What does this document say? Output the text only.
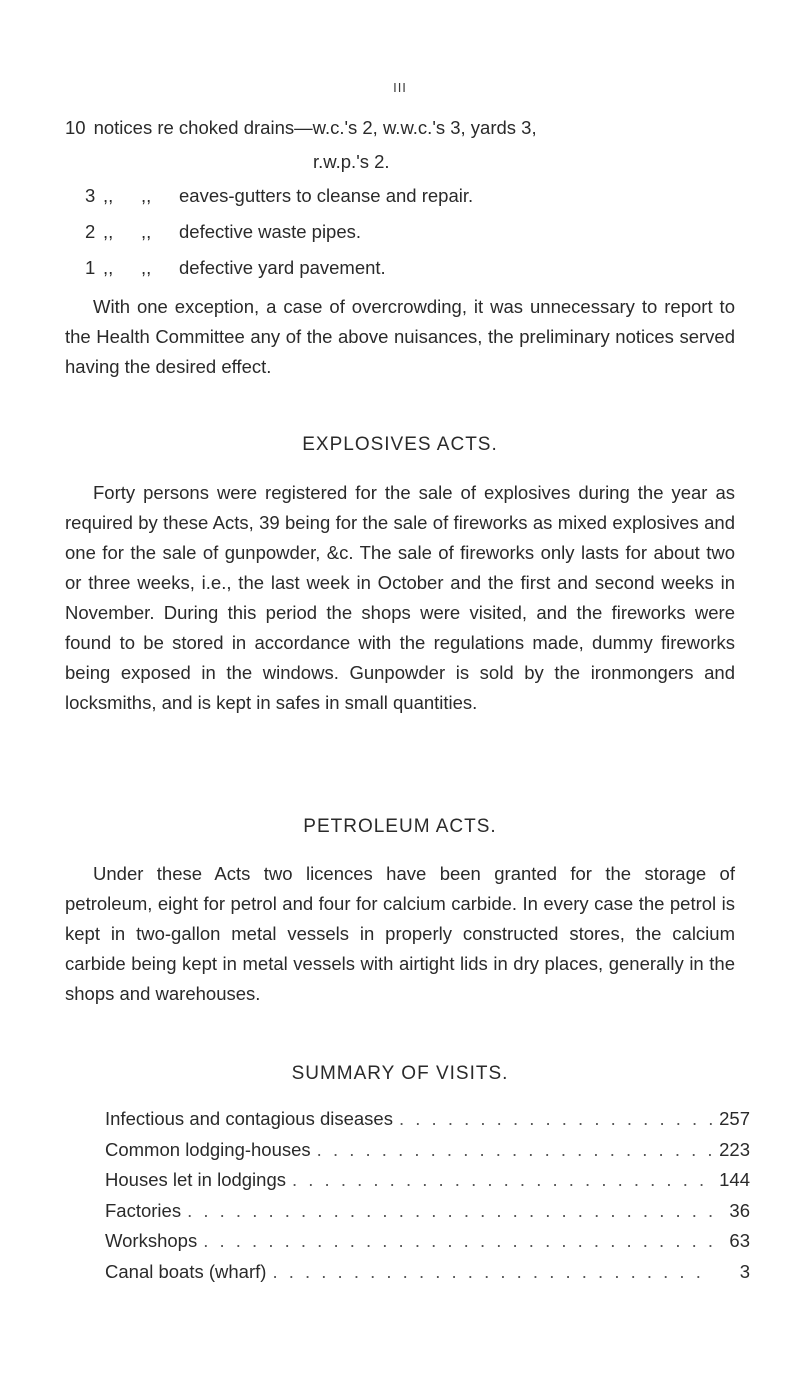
III
10 notices re choked drains—w.c.'s 2, w.w.c.'s 3, yards 3,
r.w.p.'s 2.
3 ,,	,,	eaves-gutters to cleanse and repair.
2 ,,	,,	defective waste pipes.
1 ,,	,,	defective yard pavement.

With one exception, a case of overcrowding, it was unnecessary to report to the Health Committee any of the above nuisances, the preliminary notices served having the desired effect.

EXPLOSIVES ACTS.

Forty persons were registered for the sale of explosives during the year as required by these Acts, 39 being for the sale of fireworks as mixed explosives and one for the sale of gunpowder, &c. The sale of fireworks only lasts for about two or three weeks, i.e., the last week in October and the first and second weeks in November. During this period the shops were visited, and the fireworks were found to be stored in accordance with the regulations made, dummy fireworks being exposed in the windows. Gunpowder is sold by the ironmongers and locksmiths, and is kept in safes in small quantities.

PETROLEUM ACTS.

Under these Acts two licences have been granted for the storage of petroleum, eight for petrol and four for calcium carbide. In every case the petrol is kept in two-gallon metal vessels in properly constructed stores, the calcium carbide being kept in metal vessels with airtight lids in dry places, generally in the shops and warehouses.

SUMMARY OF VISITS.
Infectious and contagious diseases . . .	257
Common lodging-houses . . .	223
Houses let in lodgings . . .	144
Factories . . .	36
Workshops . . .	63
Canal boats (wharf) . . .	3
